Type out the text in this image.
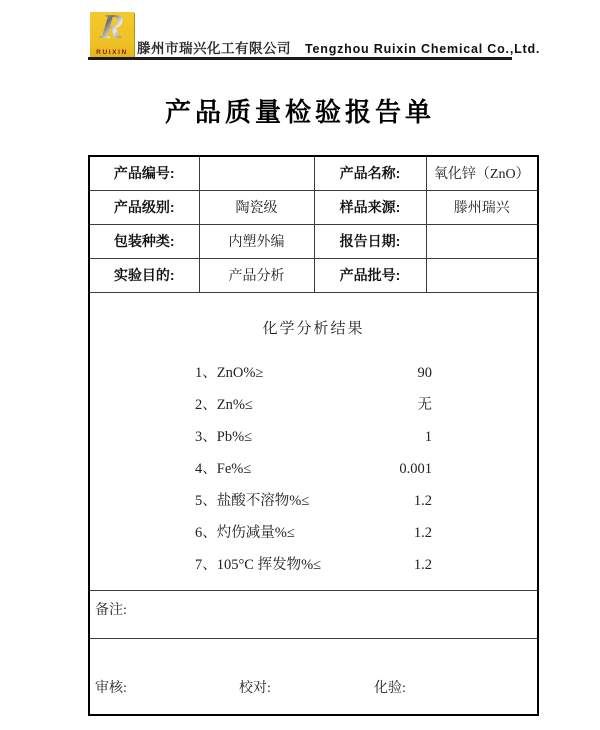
R
RUIXIN 滕州市瑞兴化工有限公司 Tengzhou Ruixin Chemical Co.,Ltd.
产品质量检验报告单
产品编号:		产品名称:	氧化锌（ZnO）
产品级别:	陶瓷级	样品来源:	滕州瑞兴
包装种类:	内塑外编	报告日期:	
实验目的:	产品分析	产品批号:	

化学分析结果
1、ZnO%≥	90
2、Zn%≤	无
3、Pb%≤	1
4、Fe%≤	0.001
5、盐酸不溶物%≤	1.2
6、灼伤减量%≤	1.2
7、105°C 挥发物%≤	1.2

备注:			

审核: 校对: 化验:			
